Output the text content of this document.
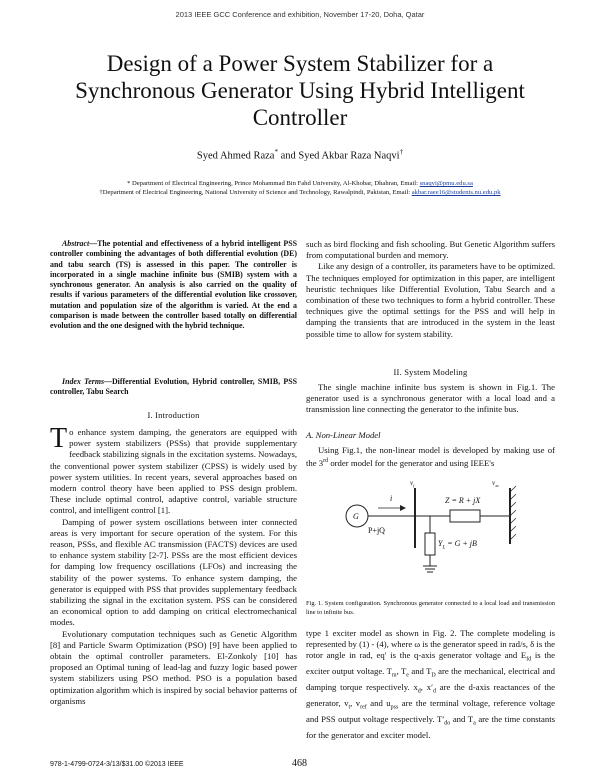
2013 IEEE GCC Conference and exhibition, November 17-20, Doha, Qatar
Design of a Power System Stabilizer for a Synchronous Generator Using Hybrid Intelligent Controller
Syed Ahmed Raza* and Syed Akbar Raza Naqvi†
* Department of Electrical Engineering, Prince Mohammad Bin Fahd University, Al-Khobar, Dhahran, Email: snaqvi@pmu.edu.sa
†Department of Electrical Engineering, National University of Science and Technology, Rawalpindi, Pakistan, Email: akbar.raee16@students.nu.edu.pk
Abstract—The potential and effectiveness of a hybrid intelligent PSS controller combining the advantages of both differential evolution (DE) and tabu search (TS) is assessed in this paper. The controller is incorporated in a single machine infinite bus (SMIB) system with a synchronous generator. An analysis is also carried on the quality of results if various parameters of the differential evolution like crossover, mutation and population size of the algorithm is varied. At the end a comparison is made between the controller based totally on differential evolution and the one designed with the hybrid technique.
Index Terms—Differential Evolution, Hybrid controller, SMIB, PSS controller, Tabu Search
I. Introduction

To enhance system damping, the generators are equipped with power system stabilizers (PSSs) that provide supplementary feedback stabilizing signals in the excitation systems. Nowadays, the conventional power system stabilizer (CPSS) is widely used by power system utilities. In recent years, several approaches based on modern control theory have been applied to PSS design problem. These include optimal control, adaptive control, variable structure control, and intelligent control [1].

Damping of power system oscillations between inter connected areas is very important for secure operation of the system. For this reason, PSSs, and flexible AC transmission (FACTS) devices are used to enhance system stability [2-7]. PSSs are the most efficient devices for damping low frequency oscillations (LFOs) and increasing the stability of the power systems. To enhance system damping, the generator is equipped with PSS that provides supplementary feedback stabilizing the signal in the excitation system. PSS can be considered an economical option to add damping on critical electromechanical modes.

Evolutionary computation techniques such as Genetic Algorithm [8] and Particle Swarm Optimization (PSO) [9] have been applied to obtain the optimal controller parameters. El-Zonkoly [10] has proposed an Optimal tuning of lead-lag and fuzzy logic based power system stabilizers using PSO method. PSO is a population based optimization algorithm which is inspired by social behavior patterns of organisms

such as bird flocking and fish schooling. But Genetic Algorithm suffers from computational burden and memory.

Like any design of a controller, its parameters have to be optimized. The techniques employed for optimization in this paper, are intelligent heuristic techniques like Differential Evolution, Tabu Search and a combination of these two techniques to form a hybrid controller. These techniques give the optimal settings for the PSS and will help in damping the transients that are introduced in the system in the least possible time to allow for system stability.

II. System Modeling

The single machine infinite bus system is shown in Fig.1. The generator used is a synchronous generator with a local load and a transmission line connecting the generator to the infinite bus.

A. Non-Linear Model

Using Fig.1, the non-linear model is developed by making use of the 3rd order model for the generator and using IEEE's

$v_t$	$v_\infty$
i	Z = R + jX
G
P+jQ
$Y_L = G$ + jB
Fig. 1. System configuration. Synchronous generator connected to a local load and transmission line to infinite bus.

type 1 exciter model as shown in Fig. 2. The complete modeling is represented by (1) - (4), where ω is the generator speed in rad/s, δ is the rotor angle in rad, eq′ is the q-axis generator voltage and $E_{fd}$ is the exciter output voltage. $T_m$, $T_e$ and $T_D$ are the mechanical, electrical and damping torque respectively. $x_d$, $x'_d$ are the d-axis reactances of the generator, $v_t$, $v_{ref}$ and $u_{pss}$ are the terminal voltage, reference voltage and PSS output voltage respectively. $T'_{do}$ and $T_a$ are the time constants for the generator and exciter model.

978-1-4799-0724-3/13/$31.00 ©2013 IEEE	468
